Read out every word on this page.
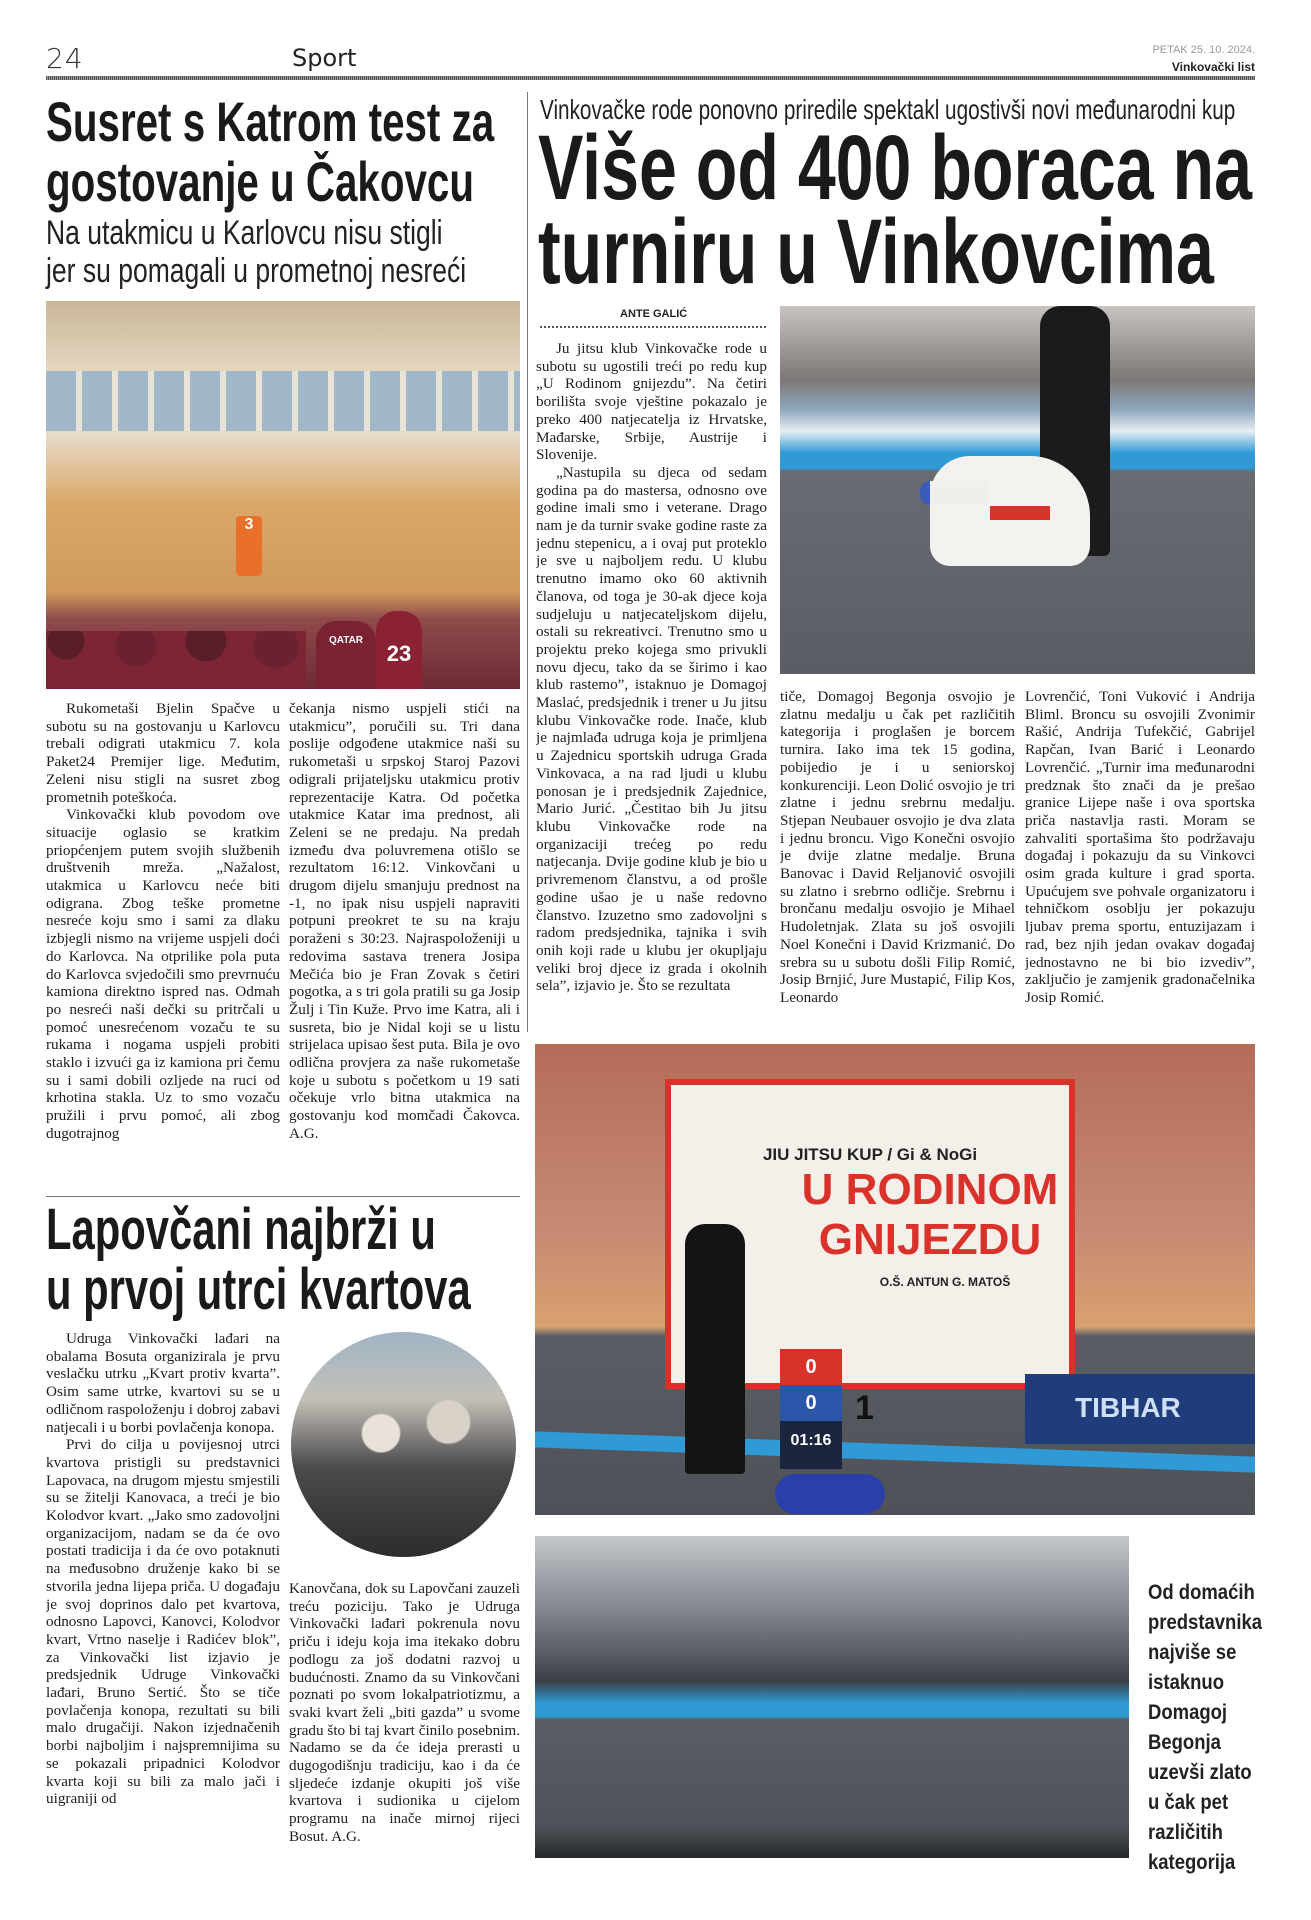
24	Sport	PETAK 25. 10. 2024.
Vinkovački list
Susret s Katrom test za
gostovanje u Čakovcu
Na utakmicu u Karlovcu nisu stigli
jer su pomagali u prometnoj nesreći
3
QATAR
23

Rukometaši Bjelin Spačve u subotu su na gostovanju u Karlovcu trebali odigrati utakmicu 7. kola Paket24 Premijer lige. Međutim, Zeleni nisu stigli na susret zbog prometnih poteškoća.

Vinkovački klub povodom ove situacije oglasio se kratkim priopćenjem putem svojih službenih društvenih mreža. „Nažalost, utakmica u Karlovcu neće biti odigrana. Zbog teške prometne nesreće koju smo i sami za dlaku izbjegli nismo na vrijeme uspjeli doći do Karlovca. Na otprilike pola puta do Karlovca svjedočili smo prevrnuću kamiona direktno ispred nas. Odmah po nesreći naši dečki su pritrčali u pomoć unesrećenom vozaču te su rukama i nogama uspjeli probiti staklo i izvući ga iz kamiona pri čemu su i sami dobili ozljede na ruci od krhotina stakla. Uz to smo vozaču pružili i prvu pomoć, ali zbog dugotrajnog

čekanja nismo uspjeli stići na utakmicu”, poručili su. Tri dana poslije odgođene utakmice naši su rukometaši u srpskoj Staroj Pazovi odigrali prijateljsku utakmicu protiv reprezentacije Katra. Od početka utakmice Katar ima prednost, ali Zeleni se ne predaju. Na predah između dva poluvremena otišlo se rezultatom 16:12. Vinkovčani u drugom dijelu smanjuju prednost na -1, no ipak nisu uspjeli napraviti potpuni preokret te su na kraju poraženi s 30:23. Najraspoloženiji u redovima sastava trenera Josipa Mečića bio je Fran Zovak s četiri pogotka, a s tri gola pratili su ga Josip Žulj i Tin Kuže. Prvo ime Katra, ali i susreta, bio je Nidal koji se u listu strijelaca upisao šest puta. Bila je ovo odlična provjera za naše rukometaše koje u subotu s početkom u 19 sati očekuje vrlo bitna utakmica na gostovanju kod momčadi Čakovca. A.G.

Lapovčani najbrži u
u prvoj utrci kvartova

Udruga Vinkovački lađari na obalama Bosuta organizirala je prvu veslačku utrku „Kvart protiv kvarta”. Osim same utrke, kvartovi su se u odličnom raspoloženju i dobroj zabavi natjecali i u borbi povlačenja konopa.

Prvi do cilja u povijesnoj utrci kvartova pristigli su predstavnici Lapovaca, na drugom mjestu smjestili su se žitelji Kanovaca, a treći je bio Kolodvor kvart. „Jako smo zadovoljni organizacijom, nadam se da će ovo postati tradicija i da će ovo potaknuti na međusobno druženje kako bi se stvorila jedna lijepa priča. U događaju je svoj doprinos dalo pet kvartova, odnosno Lapovci, Kanovci, Kolodvor kvart, Vrtno naselje i Radićev blok”, za Vinkovački list izjavio je predsjednik Udruge Vinkovački lađari, Bruno Sertić. Što se tiče povlačenja konopa, rezultati su bili malo drugačiji. Nakon izjednačenih borbi najboljim i najspremnijima su se pokazali pripadnici Kolodvor kvarta koji su bili za malo jači i uigraniji od

Kanovčana, dok su Lapovčani zauzeli treću poziciju. Tako je Udruga Vinkovački lađari pokrenula novu priču i ideju koja ima itekako dobru podlogu za još dodatni razvoj u budućnosti. Znamo da su Vinkovčani poznati po svom lokalpatriotizmu, a svaki kvart želi „biti gazda” u svome gradu što bi taj kvart činilo posebnim. Nadamo se da će ideja prerasti u dugogodišnju tradiciju, kao i da će sljedeće izdanje okupiti još više kvartova i sudionika u cijelom programu na inače mirnoj rijeci Bosut. A.G.

Vinkovačke rode ponovno priredile spektakl ugostivši novi međunarodni kup
Više od 400 boraca na
turniru u Vinkovcima
ANTE GALIĆ

Ju jitsu klub Vinkovačke rode u subotu su ugostili treći po redu kup „U Rodinom gnijezdu”. Na četiri borilišta svoje vještine pokazalo je preko 400 natjecatelja iz Hrvatske, Mađarske, Srbije, Austrije i Slovenije.

„Nastupila su djeca od sedam godina pa do mastersa, odnosno ove godine imali smo i veterane. Drago nam je da turnir svake godine raste za jednu stepenicu, a i ovaj put proteklo je sve u najboljem redu. U klubu trenutno imamo oko 60 aktivnih članova, od toga je 30-ak djece koja sudjeluju u natjecateljskom dijelu, ostali su rekreativci. Trenutno smo u projektu preko kojega smo privukli novu djecu, tako da se širimo i kao klub rastemo”, istaknuo je Domagoj Maslać, predsjednik i trener u Ju jitsu klubu Vinkovačke rode. Inače, klub je najmlađa udruga koja je primljena u Zajednicu sportskih udruga Grada Vinkovaca, a na rad ljudi u klubu ponosan je i predsjednik Zajednice, Mario Jurić. „Čestitao bih Ju jitsu klubu Vinkovačke rode na organizaciji trećeg po redu natjecanja. Dvije godine klub je bio u privremenom članstvu, a od prošle godine ušao je u naše redovno članstvo. Izuzetno smo zadovoljni s radom predsjednika, tajnika i svih onih koji rade u klubu jer okupljaju veliki broj djece iz grada i okolnih sela”, izjavio je. Što se rezultata

tiče, Domagoj Begonja osvojio je zlatnu medalju u čak pet različitih kategorija i proglašen je borcem turnira. Iako ima tek 15 godina, pobijedio je i u seniorskoj konkurenciji. Leon Dolić osvojio je tri zlatne i jednu srebrnu medalju. Stjepan Neubauer osvojio je dva zlata i jednu broncu. Vigo Konečni osvojio je dvije zlatne medalje. Bruna Banovac i David Reljanović osvojili su zlatno i srebrno odličje. Srebrnu i brončanu medalju osvojio je Mihael Hudoletnjak. Zlata su još osvojili Noel Konečni i David Krizmanić. Do srebra su u subotu došli Filip Romić, Josip Brnjić, Jure Mustapić, Filip Kos, Leonardo

Lovrenčić, Toni Vuković i Andrija Bliml. Broncu su osvojili Zvonimir Rašić, Andrija Tufekčić, Gabrijel Rapčan, Ivan Barić i Leonardo Lovrenčić. „Turnir ima međunarodni predznak što znači da je prešao granice Lijepe naše i ova sportska priča nastavlja rasti. Moram se zahvaliti sportašima što podržavaju događaj i pokazuju da su Vinkovci osim grada kulture i grad sporta. Upućujem sve pohvale organizatoru i tehničkom osoblju jer pokazuju ljubav prema sportu, entuzijazam i rad, bez njih jedan ovakav događaj jednostavno ne bi bio izvediv”, zaključio je zamjenik gradonačelnika Josip Romić.

JIU JITSU KUP / Gi & NoGi
U RODINOM
GNIJEZDU
O.Š. ANTUN G. MATOŠ
1	TIBHAR
0
0
01:16
Od domaćih predstavnika najviše se istaknuo Domagoj Begonja uzevši zlato u čak pet različitih kategorija
